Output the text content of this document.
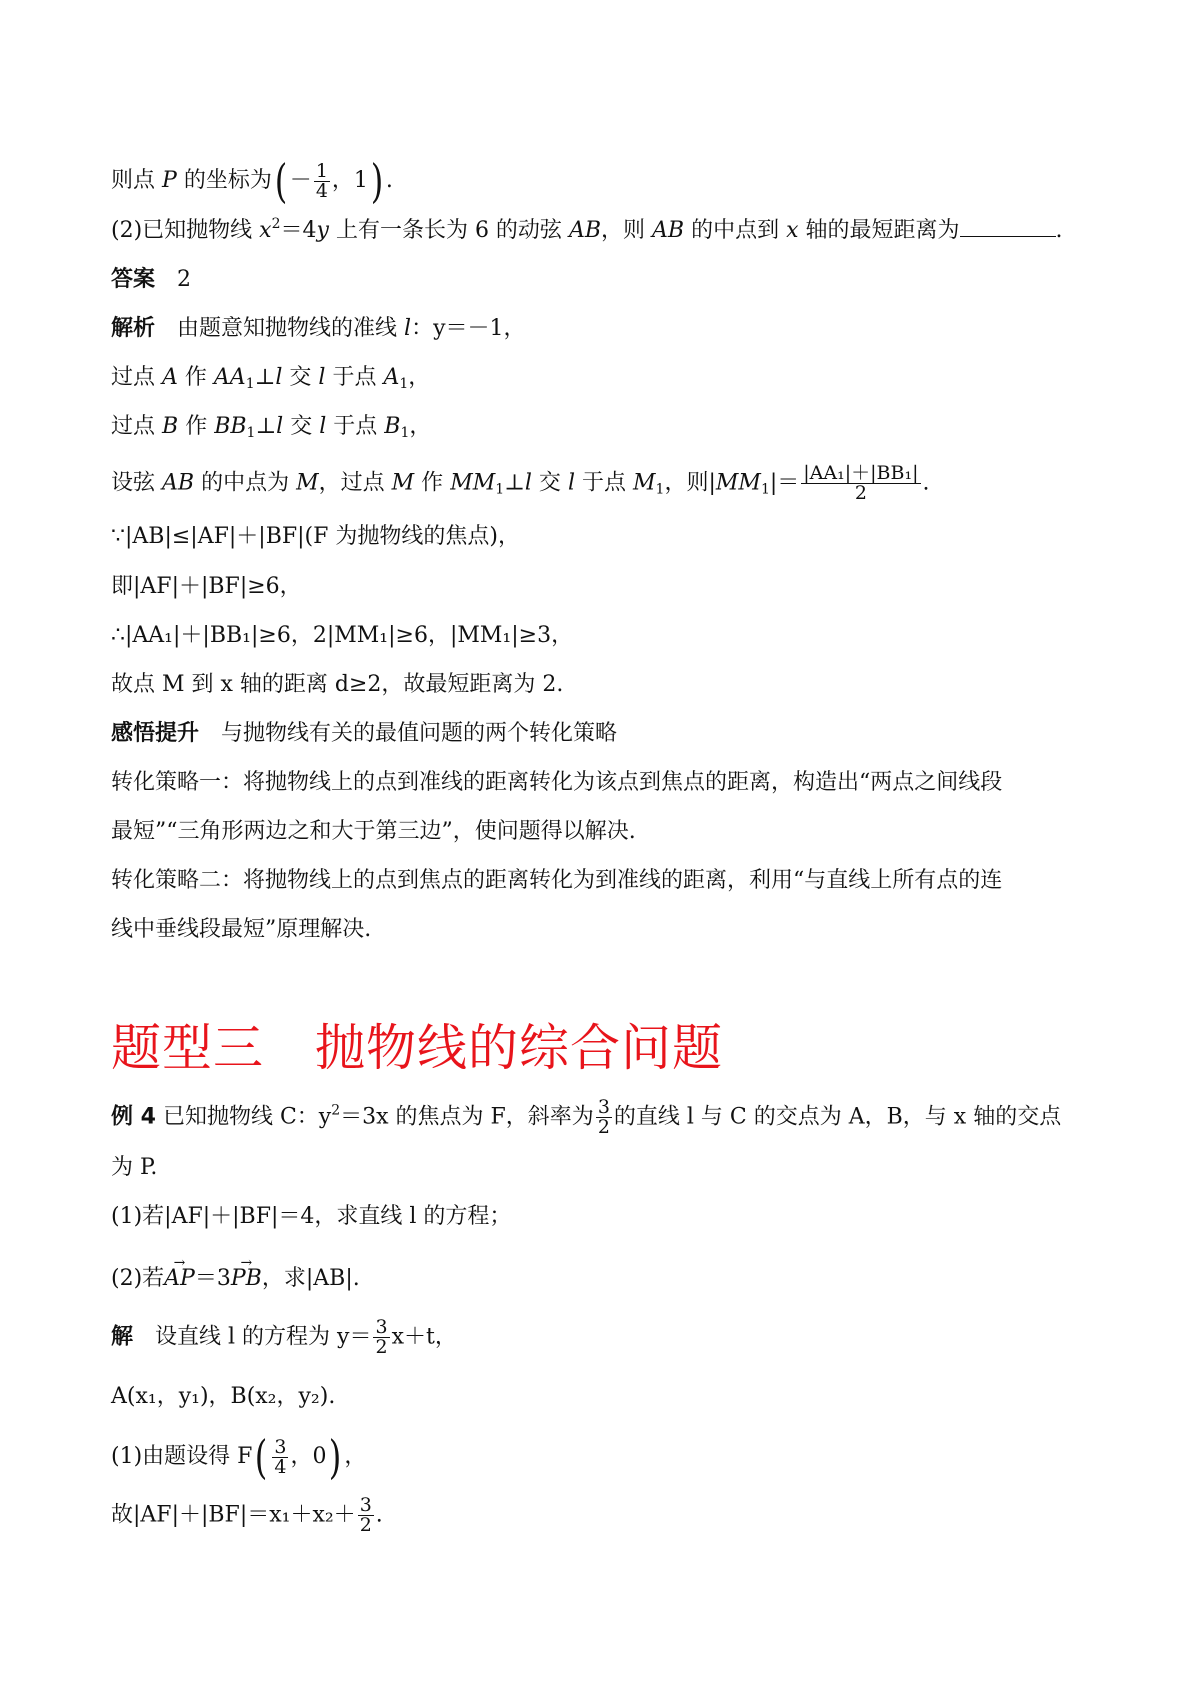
则点 P 的坐标为( － $\frac{1}{4}$ ，1) .
(2)已知抛物线 $x^2=4y$ 上有一条长为 6 的动弦 AB，则 AB 的中点到 x 轴的最短距离为	.
答案　 2
解析　 由题意知抛物线的准线 l：y＝－1，
过点 A 作 $AA_1\perp l$ 交 l 于点 $A_1$，
过点 B 作 $BB_1\perp l$ 交 l 于点 $B_1$，
设弦 AB 的中点为 M，过点 M 作 $MM_1\perp l$ 交 l 于点 $M_1$，则$|MM_1|= \frac{\text{|AA₁|＋|BB₁|}}{2}$ .
∵|AB|≤|AF|＋|BF|(F 为抛物线的焦点)，
即|AF|＋|BF|≥6，
∴|AA₁|＋|BB₁|≥6，2|MM₁|≥6，|MM₁|≥3，
故点 M 到 x 轴的距离 d≥2，故最短距离为 2.
感悟提升　 与抛物线有关的最值问题的两个转化策略
转化策略一：将抛物线上的点到准线的距离转化为该点到焦点的距离，构造出“两点之间线段
最短”“三角形两边之和大于第三边”，使问题得以解决.
转化策略二：将抛物线上的点到焦点的距离转化为到准线的距离，利用“与直线上所有点的连
线中垂线段最短”原理解决.
题型三　抛物线的综合问题
例 4 已知抛物线 C：$y^2=3x$ 的焦点为 F，斜率为 $\frac{3}{2}$ 的直线 l 与 C 的交点为 A，B，与 x 轴的交点
为 P.
(1)若|AF|＋|BF|＝4，求直线 l 的方程；
(2)若AP →＝3PB →，求|AB|.
解　 设直线 l 的方程为 $y= \frac{3}{2} x+t$，
A(x₁，y₁)，B(x₂，y₂).
(1)由题设得 $F( \frac{3}{4}$ ，0) ，
故$|AF|+|BF|=x_1+x_2+ \frac{3}{2}$ .
